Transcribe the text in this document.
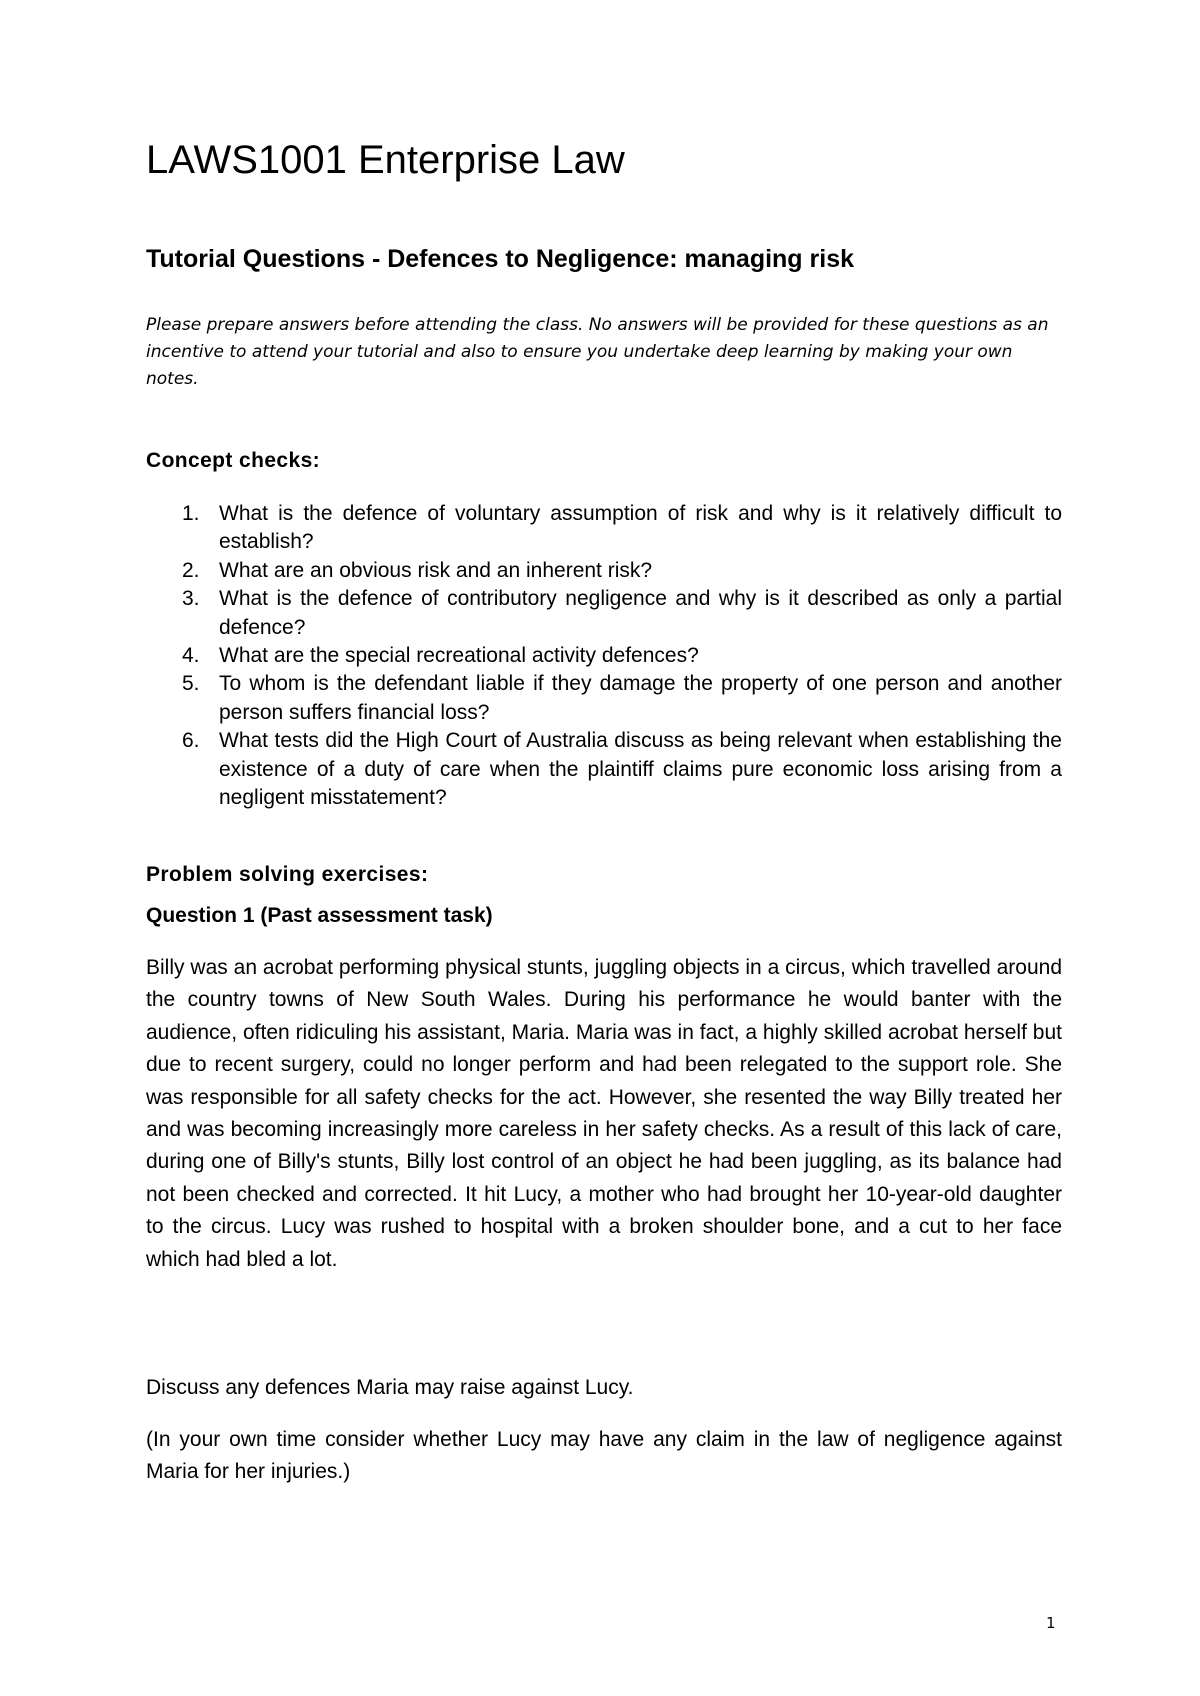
LAWS1001 Enterprise Law
Tutorial Questions - Defences to Negligence: managing risk

Please prepare answers before attending the class. No answers will be provided for these questions as an incentive to attend your tutorial and also to ensure you undertake deep learning by making your own notes.

Concept checks:
1. What is the defence of voluntary assumption of risk and why is it relatively difficult to establish?
2. What are an obvious risk and an inherent risk?
3. What is the defence of contributory negligence and why is it described as only a partial defence?
4. What are the special recreational activity defences?
5. To whom is the defendant liable if they damage the property of one person and another person suffers financial loss?
6. What tests did the High Court of Australia discuss as being relevant when establishing the existence of a duty of care when the plaintiff claims pure economic loss arising from a negligent misstatement?
Problem solving exercises:
Question 1 (Past assessment task)

Billy was an acrobat performing physical stunts, juggling objects in a circus, which travelled around the country towns of New South Wales. During his performance he would banter with the audience, often ridiculing his assistant, Maria. Maria was in fact, a highly skilled acrobat herself but due to recent surgery, could no longer perform and had been relegated to the support role. She was responsible for all safety checks for the act. However, she resented the way Billy treated her and was becoming increasingly more careless in her safety checks. As a result of this lack of care, during one of Billy's stunts, Billy lost control of an object he had been juggling, as its balance had not been checked and corrected. It hit Lucy, a mother who had brought her 10-year-old daughter to the circus. Lucy was rushed to hospital with a broken shoulder bone, and a cut to her face which had bled a lot.

Discuss any defences Maria may raise against Lucy.

(In your own time consider whether Lucy may have any claim in the law of negligence against Maria for her injuries.)

1
